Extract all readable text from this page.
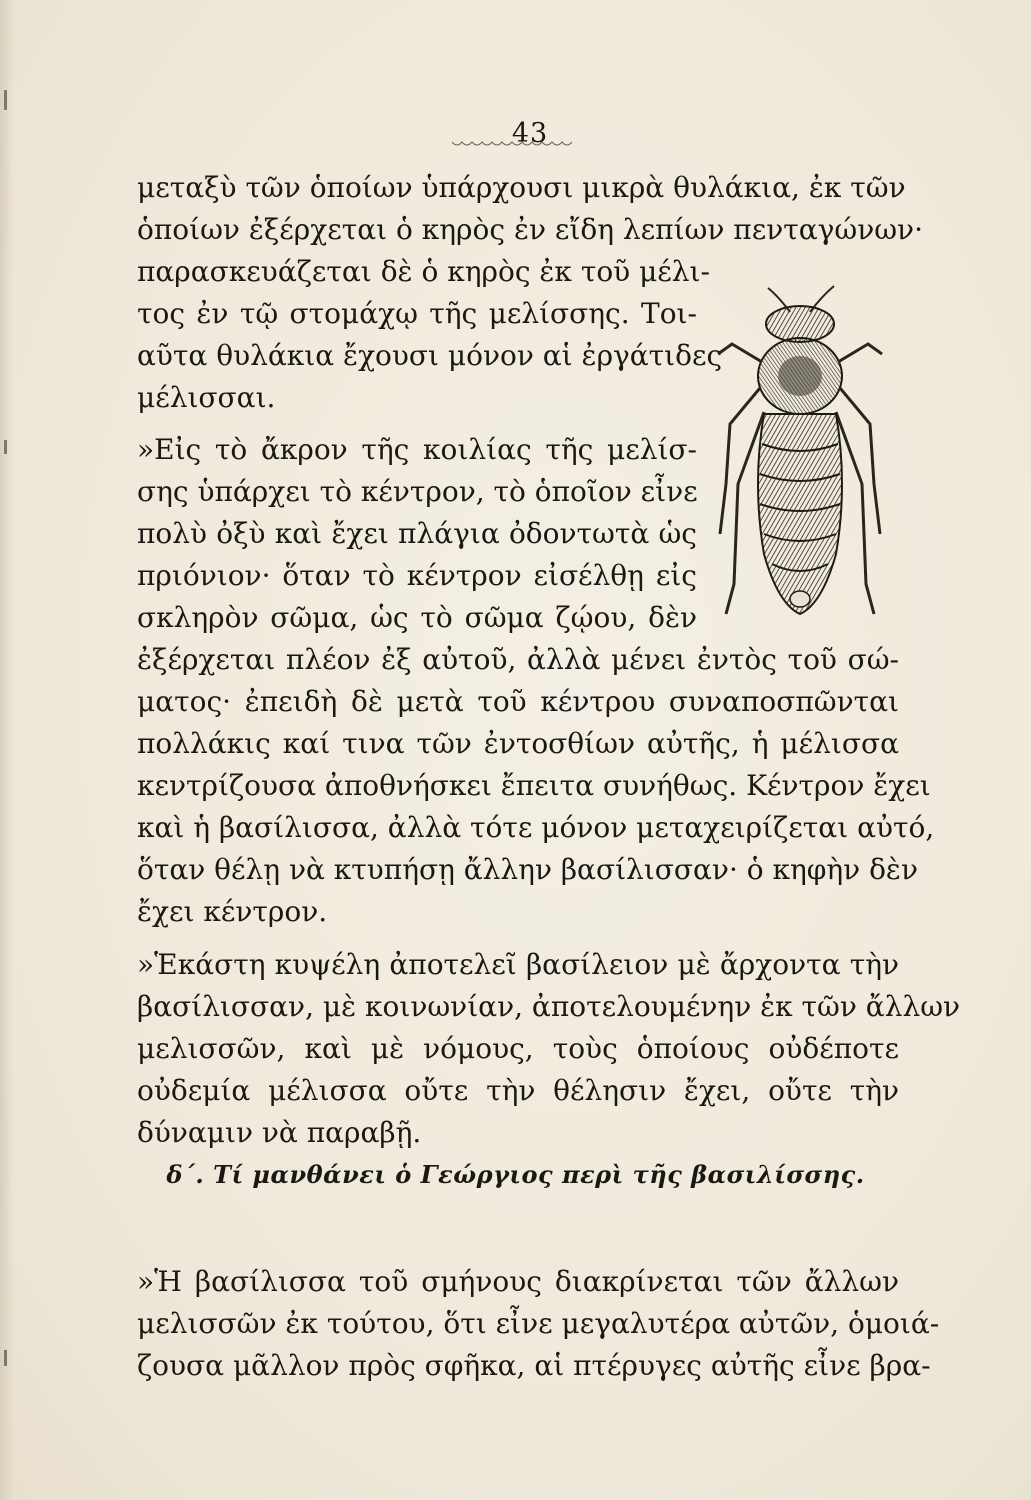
43
μεταξὺ τῶν ὁποίων ὑπάρχουσι μικρὰ θυλάκια, ἐκ τῶν
ὁποίων ἐξέρχεται ὁ κηρὸς ἐν εἴδη λεπίων πενταγώνων·
παρασκευάζεται δὲ ὁ κηρὸς ἐκ τοῦ μέλι-
τος ἐν τῷ στομάχῳ τῆς μελίσσης. Τοι-
αῦτα θυλάκια ἔχουσι μόνον αἱ ἐργάτιδες
μέλισσαι.
»Εἰς τὸ ἄκρον τῆς κοιλίας τῆς μελίσ-
σης ὑπάρχει τὸ κέντρον, τὸ ὁποῖον εἶνε
πολὺ ὀξὺ καὶ ἔχει πλάγια ὀδοντωτὰ ὡς
πριόνιον· ὅταν τὸ κέντρον εἰσέλθῃ εἰς
σκληρὸν σῶμα, ὡς τὸ σῶμα ζῴου, δὲν
ἐξέρχεται πλέον ἐξ αὐτοῦ, ἀλλὰ μένει ἐντὸς τοῦ σώ-
ματος· ἐπειδὴ δὲ μετὰ τοῦ κέντρου συναποσπῶνται
πολλάκις καί τινα τῶν ἐντοσθίων αὐτῆς, ἡ μέλισσα
κεντρίζουσα ἀποθνήσκει ἔπειτα συνήθως. Κέντρον ἔχει
καὶ ἡ βασίλισσα, ἀλλὰ τότε μόνον μεταχειρίζεται αὐτό,
ὅταν θέλῃ νὰ κτυπήσῃ ἄλλην βασίλισσαν· ὁ κηφὴν δὲν
ἔχει κέντρον.
»Ἑκάστη κυψέλη ἀποτελεῖ βασίλειον μὲ ἄρχοντα τὴν
βασίλισσαν, μὲ κοινωνίαν, ἀποτελουμένην ἐκ τῶν ἄλλων
μελισσῶν, καὶ μὲ νόμους, τοὺς ὁποίους οὐδέποτε
οὐδεμία μέλισσα οὔτε τὴν θέλησιν ἔχει, οὔτε τὴν
δύναμιν νὰ παραβῇ.
δ΄. Τί μανθάνει ὁ Γεώργιος περὶ τῆς βασιλίσσης.
»Ἡ βασίλισσα τοῦ σμήνους διακρίνεται τῶν ἄλλων
μελισσῶν ἐκ τούτου, ὅτι εἶνε μεγαλυτέρα αὐτῶν, ὁμοιά-
ζουσα μᾶλλον πρὸς σφῆκα, αἱ πτέρυγες αὐτῆς εἶνε βρα-
